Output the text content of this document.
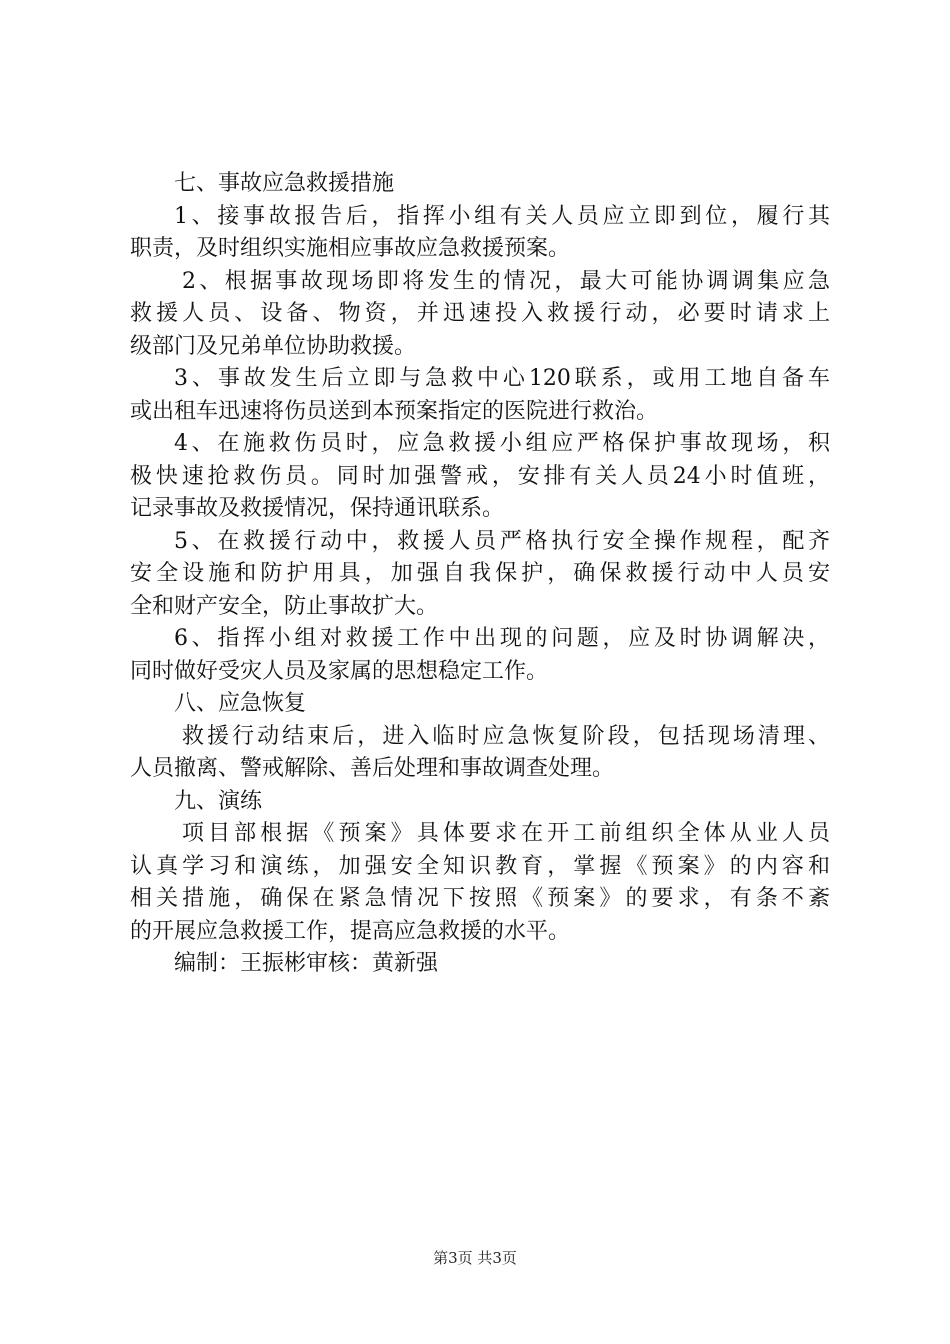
七、事故应急救援措施
1、接事故报告后，指挥小组有关人员应立即到位，履行其
职责，及时组织实施相应事故应急救援预案。
2、根据事故现场即将发生的情况，最大可能协调调集应急
救援人员、设备、物资，并迅速投入救援行动，必要时请求上
级部门及兄弟单位协助救援。
3、事故发生后立即与急救中心120联系，或用工地自备车
或出租车迅速将伤员送到本预案指定的医院进行救治。
4、在施救伤员时，应急救援小组应严格保护事故现场，积
极快速抢救伤员。同时加强警戒，安排有关人员24小时值班，
记录事故及救援情况，保持通讯联系。
5、在救援行动中，救援人员严格执行安全操作规程，配齐
安全设施和防护用具，加强自我保护，确保救援行动中人员安
全和财产安全，防止事故扩大。
6、指挥小组对救援工作中出现的问题，应及时协调解决，
同时做好受灾人员及家属的思想稳定工作。
八、应急恢复
救援行动结束后，进入临时应急恢复阶段，包括现场清理、
人员撤离、警戒解除、善后处理和事故调查处理。
九、演练
项目部根据《预案》具体要求在开工前组织全体从业人员
认真学习和演练，加强安全知识教育，掌握《预案》的内容和
相关措施，确保在紧急情况下按照《预案》的要求，有条不紊
的开展应急救援工作，提高应急救援的水平。
编制：王振彬审核：黄新强
第3页 共3页
